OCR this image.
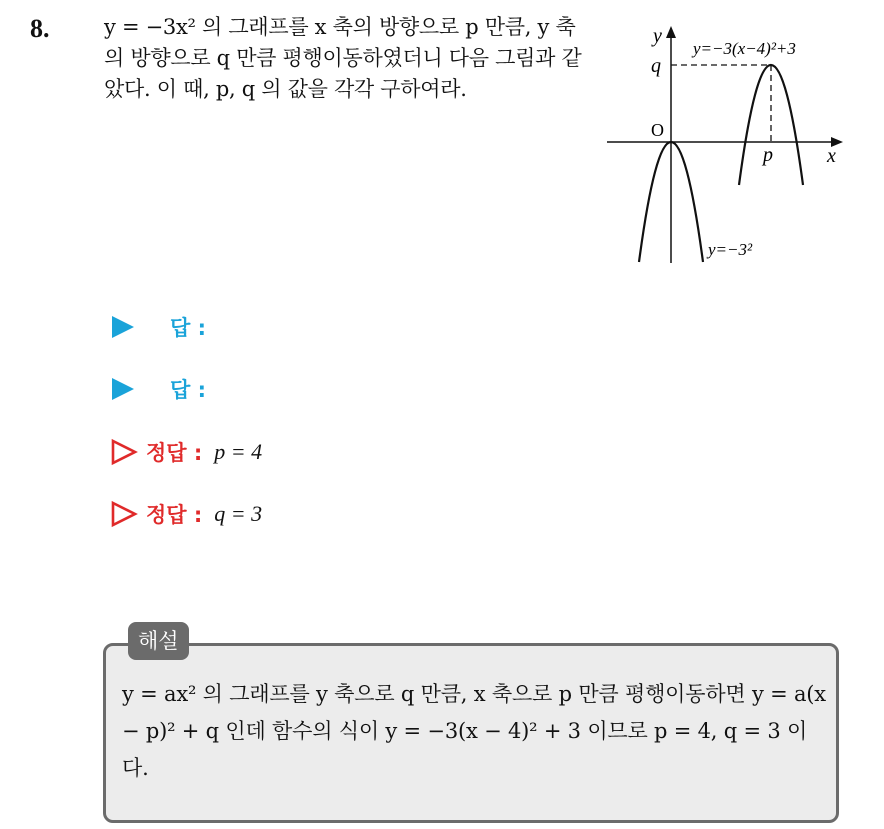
8.	y = −3x² 의 그래프를 x 축의 방향으로 p 만큼, y 축의 방향으로 q 만큼 평행이동하였더니 다음 그림과 같았다. 이 때, p, q 의 값을 각각 구하여라.
y
x
O
q
p
y=−3(x−4)²+3
y=−3²
답 :
답 :
정답 : p = 4
정답 : q = 3
해설
y = ax² 의 그래프를 y 축으로 q 만큼, x 축으로 p 만큼 평행이동하면 y = a(x − p)² + q 인데 함수의 식이 y = −3(x − 4)² + 3 이므로 p = 4, q = 3 이다.
